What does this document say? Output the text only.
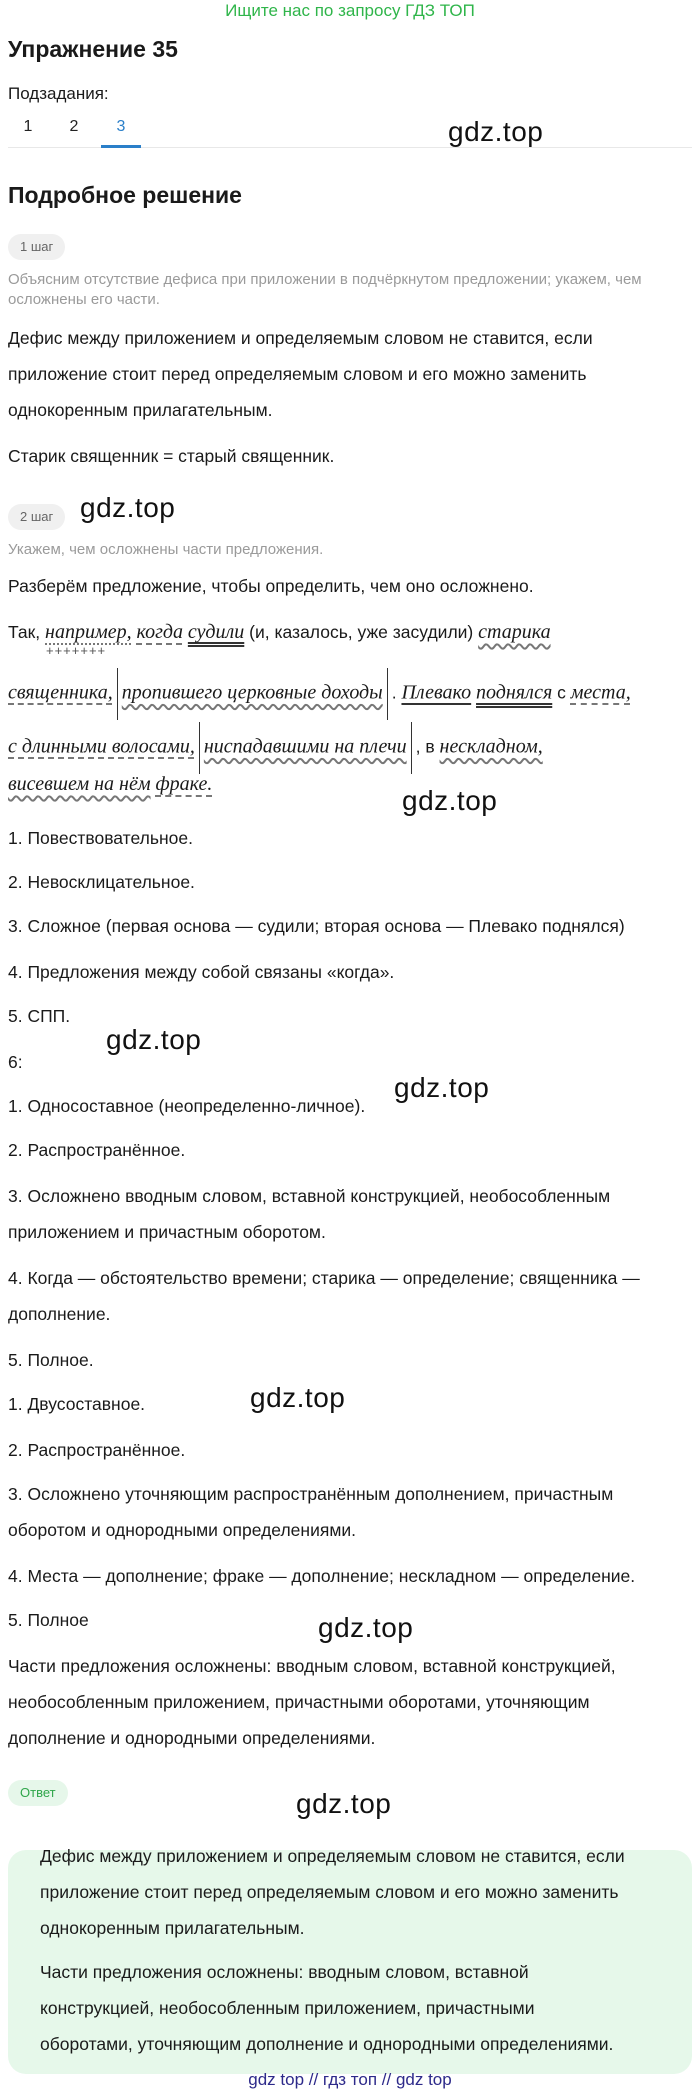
Ищите нас по запросу ГДЗ ТОП
Упражнение 35
Подзадания:
1	2	3	gdz.top
Подробное решение
1 шаг
Объясним отсутствие дефиса при приложении в подчёркнутом предложении; укажем, чем осложнены его части.
Дефис между приложением и определяемым словом не ставится, если
приложение стоит перед определяемым словом и его можно заменить
однокоренным прилагательным.
Старик священник = старый священник.
2 шаг gdz.top
Укажем, чем осложнены части предложения.
Разберём предложение, чтобы определить, чем оно осложнено.
Так, например, когда судили (и, казалось, уже засудили) старика
+++++++
священника, пропившего церковные доходы . Плевако поднялся с места,
с длинными волосами, ниспадавшими на плечи , в нескладном,
висевшем на нём фраке.
gdz.top
1. Повествовательное.
2. Невосклицательное.
3. Сложное (первая основа — судили; вторая основа — Плевако поднялся)
4. Предложения между собой связаны «когда».
5. СПП.
gdz.top
6:
gdz.top
1. Односоставное (неопределенно-личное).
2. Распространённое.
3. Осложнено вводным словом, вставной конструкцией, необособленным
приложением и причастным оборотом.
4. Когда — обстоятельство времени; старика — определение; священника —
дополнение.
5. Полное.
1. Двусоставное.	gdz.top
2. Распространённое.
3. Осложнено уточняющим распространённым дополнением, причастным
оборотом и однородными определениями.
4. Места — дополнение; фраке — дополнение; нескладном — определение.
5. Полное	gdz.top
Части предложения осложнены: вводным словом, вставной конструкцией,
необособленным приложением, причастными оборотами, уточняющим
дополнение и однородными определениями.
Ответ	gdz.top
Дефис между приложением и определяемым словом не ставится, если
приложение стоит перед определяемым словом и его можно заменить
однокоренным прилагательным.
Части предложения осложнены: вводным словом, вставной
конструкцией, необособленным приложением, причастными
оборотами, уточняющим дополнение и однородными определениями.
gdz top // гдз топ // gdz top
